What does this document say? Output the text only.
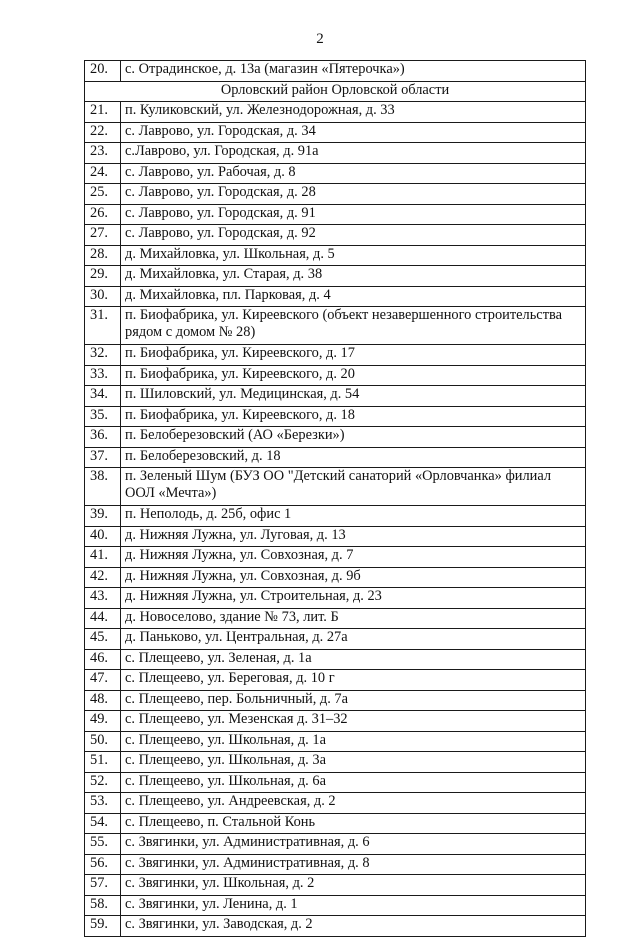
2
20.	с. Отрадинское, д. 13а (магазин «Пятерочка»)
Орловский район Орловской области	
21.	п. Куликовский, ул. Железнодорожная, д. 33
22.	с. Лаврово, ул. Городская, д. 34
23.	с.Лаврово, ул. Городская, д. 91а
24.	с. Лаврово, ул. Рабочая, д. 8
25.	с. Лаврово, ул. Городская, д. 28
26.	с. Лаврово, ул. Городская, д. 91
27.	с. Лаврово, ул. Городская, д. 92
28.	д. Михайловка, ул. Школьная, д. 5
29.	д. Михайловка, ул. Старая, д. 38
30.	д. Михайловка, пл. Парковая, д. 4
31.	п. Биофабрика, ул. Киреевского (объект незавершенного строительства рядом с домом № 28)
32.	п. Биофабрика, ул. Киреевского, д. 17
33.	п. Биофабрика, ул. Киреевского, д. 20
34.	п. Шиловский, ул. Медицинская, д. 54
35.	п. Биофабрика, ул. Киреевского, д. 18
36.	п. Белоберезовский (АО «Березки»)
37.	п. Белоберезовский, д. 18
38.	п. Зеленый Шум (БУЗ ОО "Детский санаторий «Орловчанка» филиал ООЛ «Мечта»)
39.	п. Неполодь, д. 25б, офис 1
40.	д. Нижняя Лужна, ул. Луговая, д. 13
41.	д. Нижняя Лужна, ул. Совхозная, д. 7
42.	д. Нижняя Лужна, ул. Совхозная, д. 9б
43.	д. Нижняя Лужна, ул. Строительная, д. 23
44.	д. Новоселово, здание № 73, лит. Б
45.	д. Паньково, ул. Центральная, д. 27а
46.	с. Плещеево, ул. Зеленая, д. 1а
47.	с. Плещеево, ул. Береговая, д. 10 г
48.	с. Плещеево, пер. Больничный, д. 7а
49.	с. Плещеево, ул. Мезенская д. 31–32
50.	с. Плещеево, ул. Школьная, д. 1а
51.	с. Плещеево, ул. Школьная, д. 3а
52.	с. Плещеево, ул. Школьная, д. 6а
53.	с. Плещеево, ул. Андреевская, д. 2
54.	с. Плещеево, п. Стальной Конь
55.	с. Звягинки, ул. Административная, д. 6
56.	с. Звягинки, ул. Административная, д. 8
57.	с. Звягинки, ул. Школьная, д. 2
58.	с. Звягинки, ул. Ленина, д. 1
59.	с. Звягинки, ул. Заводская, д. 2
